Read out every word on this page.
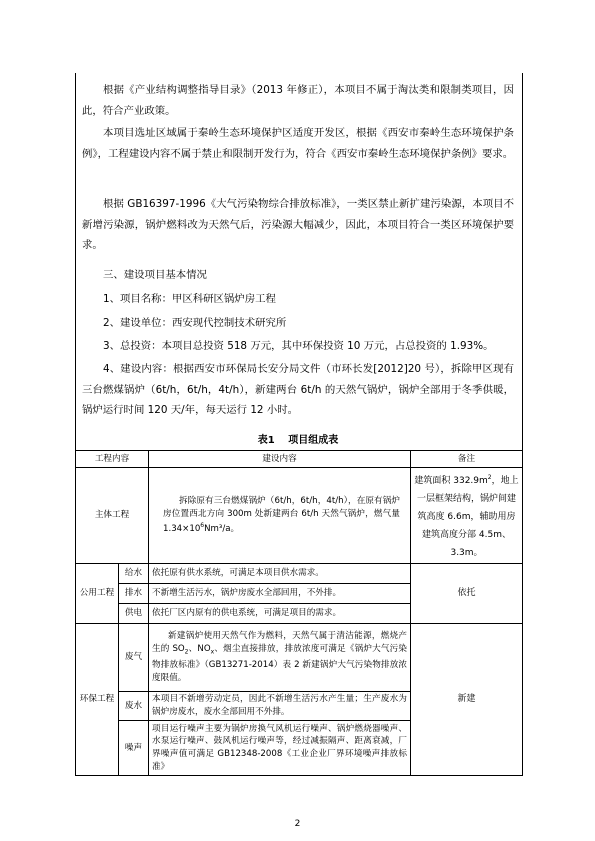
根据《产业结构调整指导目录》（2013 年修正），本项目不属于淘汰类和限制类项目，因此，符合产业政策。
本项目选址区域属于秦岭生态环境保护区适度开发区，根据《西安市秦岭生态环境保护条例》，工程建设内容不属于禁止和限制开发行为，符合《西安市秦岭生态环境保护条例》要求。
根据 GB16397-1996《大气污染物综合排放标准》，一类区禁止新扩建污染源，本项目不新增污染源，锅炉燃料改为天然气后，污染源大幅减少，因此，本项目符合一类区环境保护要求。
三、建设项目基本情况
1、项目名称：甲区科研区锅炉房工程
2、建设单位：西安现代控制技术研究所
3、总投资：本项目总投资 518 万元，其中环保投资 10 万元，占总投资的 1.93%。
4、建设内容：根据西安市环保局长安分局文件（市环长发[2012]20 号），拆除甲区现有三台燃煤锅炉（6t/h，6t/h，4t/h），新建两台 6t/h 的天然气锅炉，锅炉全部用于冬季供暖，锅炉运行时间 120 天/年，每天运行 12 小时。
表1　 项目组成表
工程内容		建设内容	备注
主体工程		拆除原有三台燃煤锅炉（6t/h，6t/h，4t/h），在原有锅炉房位置西北方向 300m 处新建两台 6t/h 天然气锅炉，燃气量 $1.34\times 10^6Nm^3/a$。	建筑面积 $332.9m^2$，地上一层框架结构，锅炉间建筑高度 6.6m，辅助用房建筑高度分部 4.5m、3.3m。
公用工程	给水	依托原有供水系统，可满足本项目供水需求。	依托
	排水	不新增生活污水，锅炉房废水全部回用，不外排。	
	供电	依托厂区内原有的供电系统，可满足项目的需求。	
环保工程	废气	新建锅炉使用天然气作为燃料，天然气属于清洁能源，燃烧产生的 $SO_2$、$NO_x$、烟尘直接排放，排放浓度可满足《锅炉大气污染物排放标准》（GB13271-2014）表 2 新建锅炉大气污染物排放浓度限值。	新建
	废水	本项目不新增劳动定员，因此不新增生活污水产生量；生产废水为锅炉房废水，废水全部回用不外排。	
	噪声	项目运行噪声主要为锅炉房换气风机运行噪声、锅炉燃烧器噪声、水泵运行噪声、鼓风机运行噪声等，经过减振隔声、距离衰减，厂界噪声值可满足 GB12348-2008《工业企业厂界环境噪声排放标准》	
2
